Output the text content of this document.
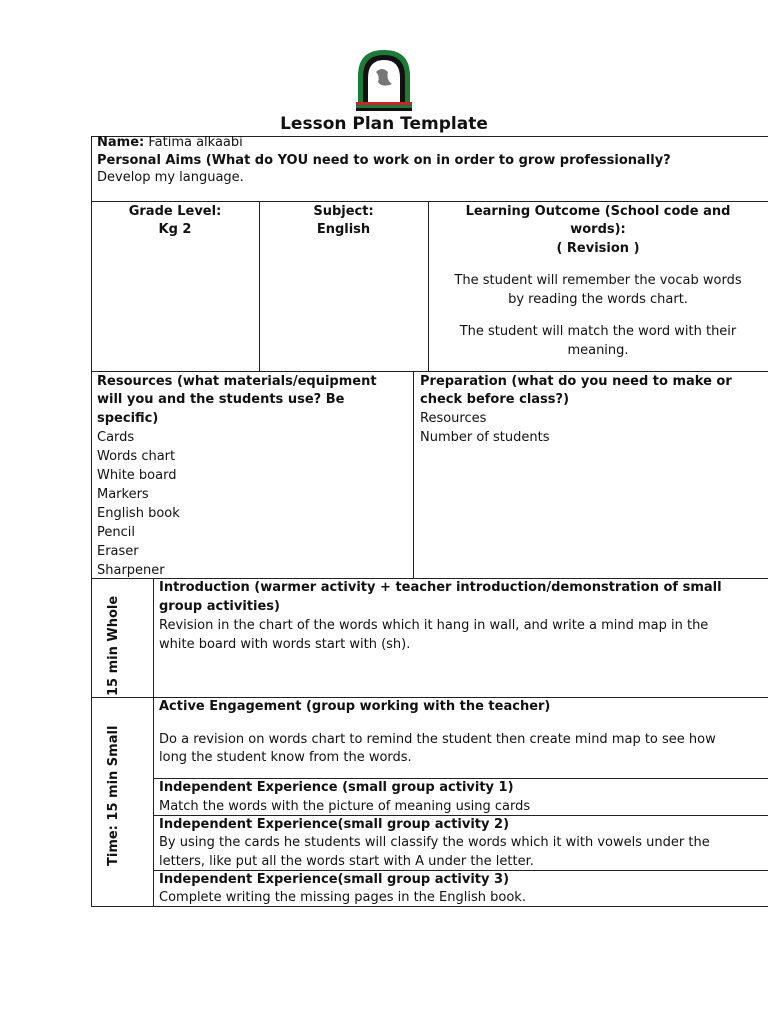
Lesson Plan Template
Name: Fatima alkaabi
Personal Aims (What do YOU need to work on in order to grow professionally?
Develop my language.
Grade Level:
Kg 2
Subject:
English
Learning Outcome (School code and
words):
( Revision )
The student will remember the vocab words
by reading the words chart.
The student will match the word with their
meaning.
Resources (what materials/equipment
will you and the students use? Be
specific)
Cards
Words chart
White board
Markers
English book
Pencil
Eraser
Sharpener
Preparation (what do you need to make or
check before class?)
Resources
Number of students
15 min Whole
Time: 15 min Small
Introduction (warmer activity + teacher introduction/demonstration of small
group activities)
Revision in the chart of the words which it hang in wall, and write a mind map in the
white board with words start with (sh).
Active Engagement (group working with the teacher)
Do a revision on words chart to remind the student then create mind map to see how
long the student know from the words.
Independent Experience (small group activity 1)
Match the words with the picture of meaning using cards
Independent Experience(small group activity 2)
By using the cards he students will classify the words which it with vowels under the
letters, like put all the words start with A under the letter.
Independent Experience(small group activity 3)
Complete writing the missing pages in the English book.
